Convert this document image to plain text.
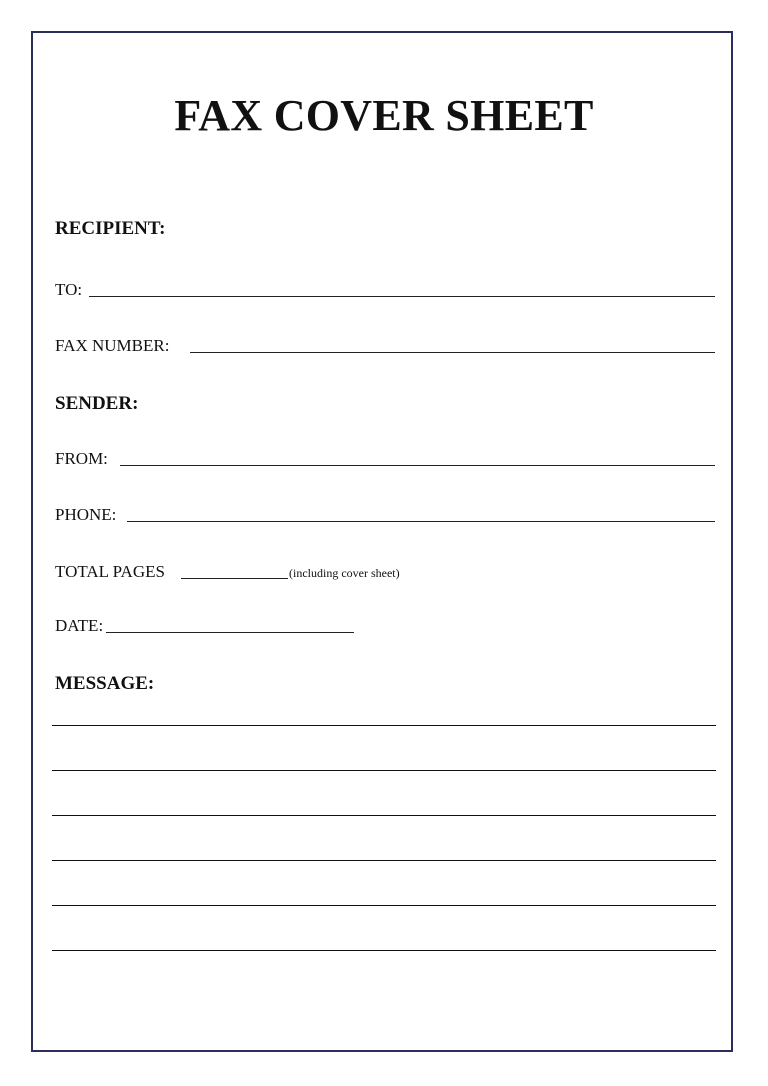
FAX COVER SHEET
RECIPIENT:
TO:
FAX NUMBER:
SENDER:
FROM:
PHONE:
TOTAL PAGES	(including cover sheet)
DATE:
MESSAGE:
